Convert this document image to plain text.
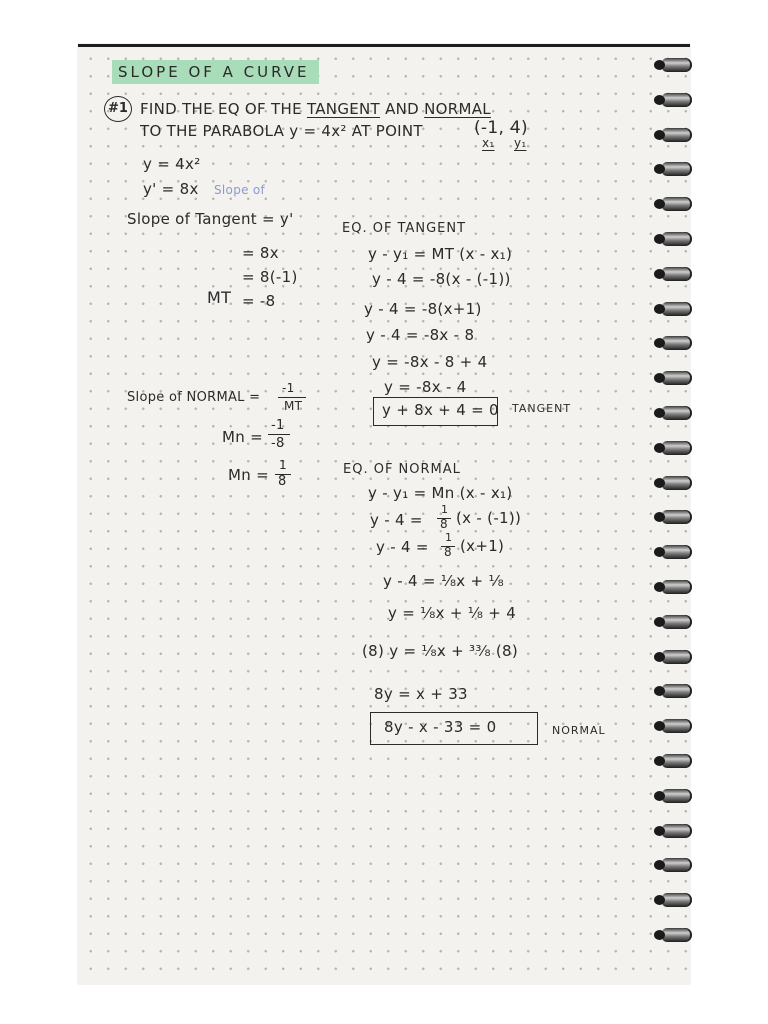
SLOPE OF A CURVE
#1 FIND THE EQ OF THE TANGENT AND NORMAL
TO THE PARABOLA y = 4x² AT POINT	(-1, 4)
x₁ y₁
y = 4x²
y' = 8x Slope of
Slope of Tangent = y'
= 8x
= 8(-1)
MT = -8
EQ. OF TANGENT
y - y₁ = MT (x - x₁)
y - 4 = -8(x - (-1))
y - 4 = -8(x+1)
y - 4 = -8x - 8
y = -8x - 8 + 4
y = -8x - 4
y + 8x + 4 = 0 TANGENT
Slope of NORMAL =
-1
MT
Mn =
-1
-8
Mn =
1
8
EQ. OF NORMAL
y - y₁ = Mn (x - x₁)
y - 4 =
1
8 (x - (-1))
y - 4 =
1
8 (x+1)
y - 4 = ¹⁄₈x + ¹⁄₈
y = ¹⁄₈x + ¹⁄₈ + 4
(8) y = ¹⁄₈x + ³³⁄₈ (8)
8y = x + 33
8y - x - 33 = 0	NORMAL
